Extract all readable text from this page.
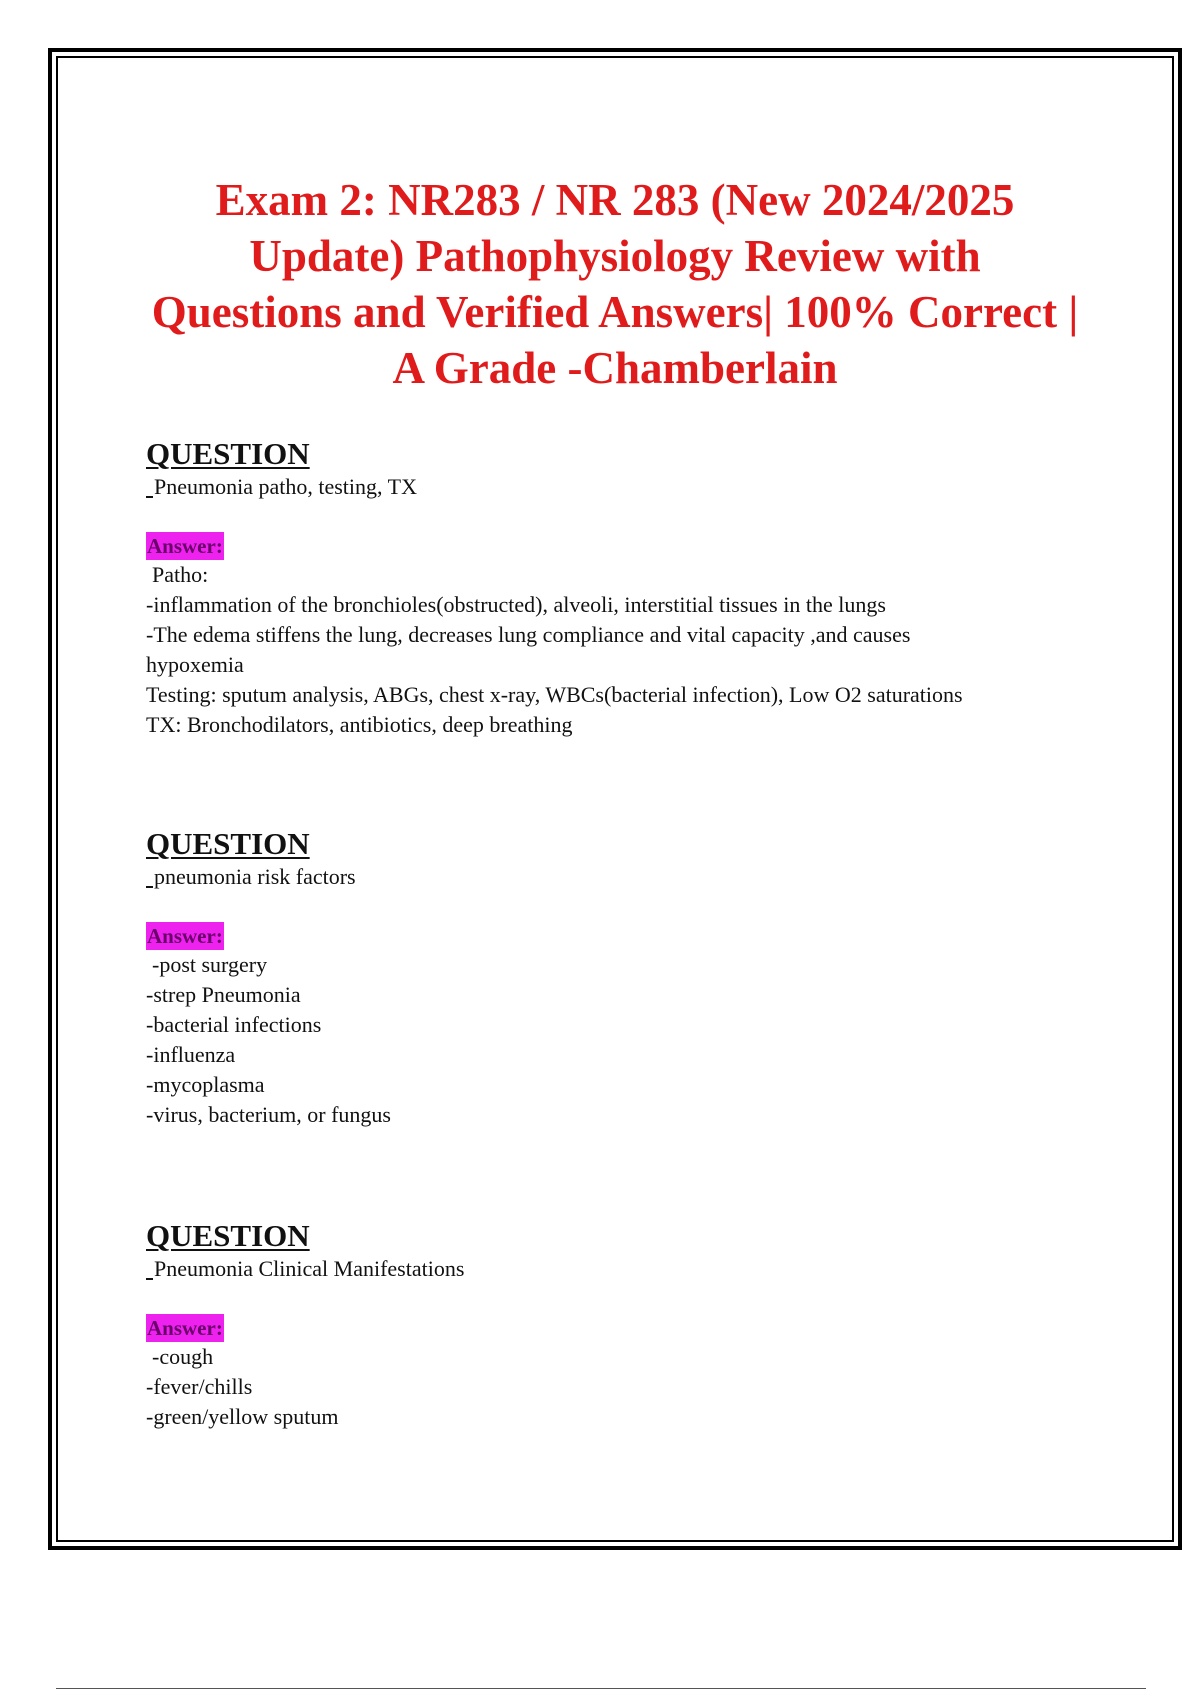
Exam 2: NR283 / NR 283 (New 2024/2025 Update) Pathophysiology Review with Questions and Verified Answers| 100% Correct | A Grade -Chamberlain

QUESTION

Pneumonia patho, testing, TX

Answer:

Patho:

-inflammation of the bronchioles(obstructed), alveoli, interstitial tissues in the lungs

-The edema stiffens the lung, decreases lung compliance and vital capacity ,and causes

hypoxemia

Testing: sputum analysis, ABGs, chest x-ray, WBCs(bacterial infection), Low O2 saturations

TX: Bronchodilators, antibiotics, deep breathing

QUESTION

pneumonia risk factors

Answer:

-post surgery

-strep Pneumonia

-bacterial infections

-influenza

-mycoplasma

-virus, bacterium, or fungus

QUESTION

Pneumonia Clinical Manifestations

Answer:

-cough

-fever/chills

-green/yellow sputum
